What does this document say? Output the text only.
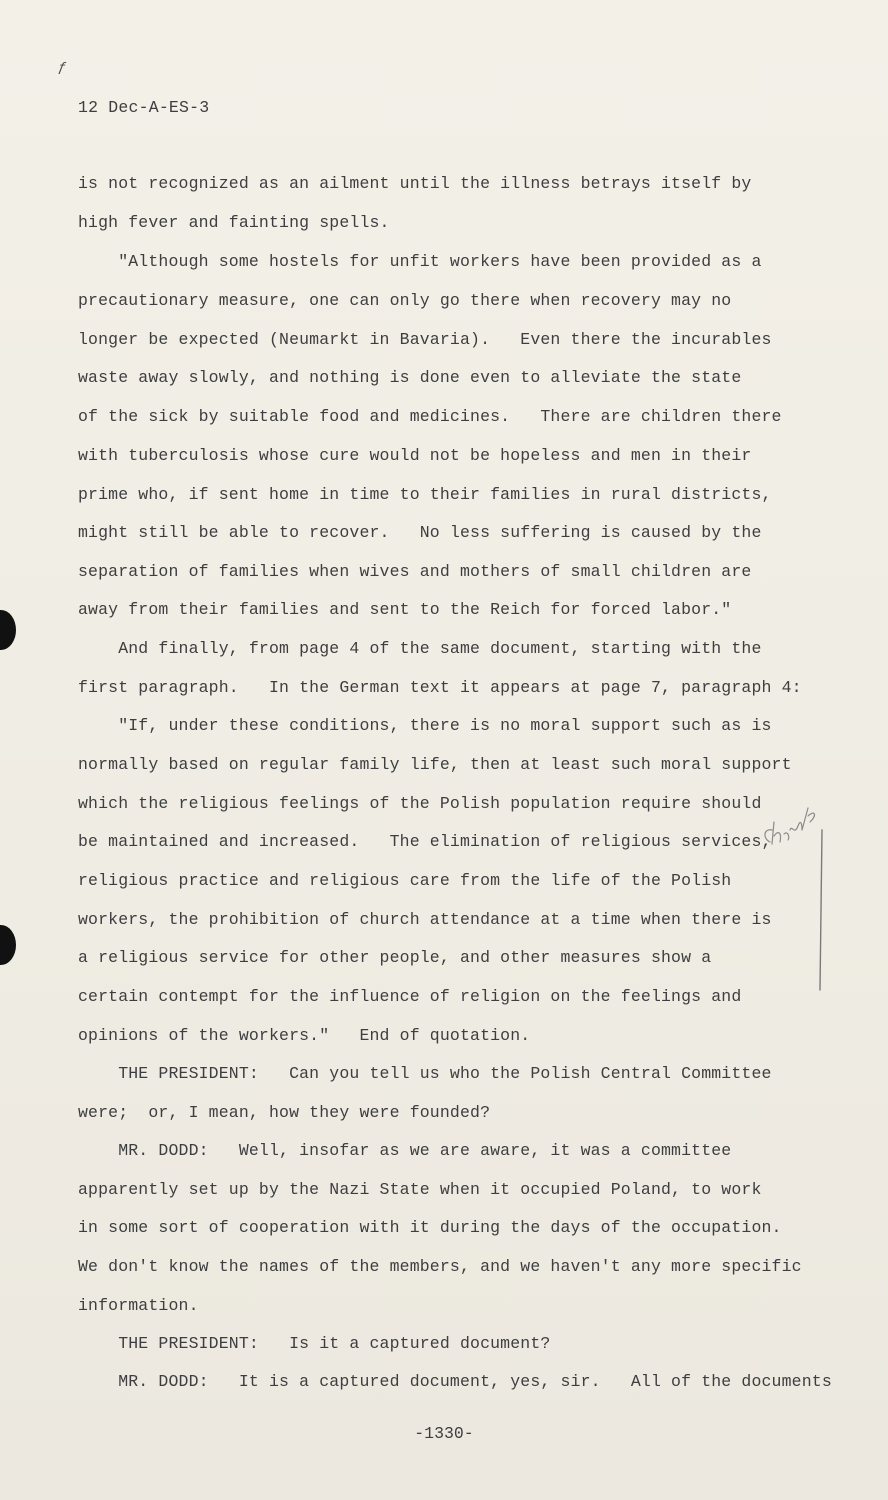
ƒ
12 Dec-A-ES-3
is not recognized as an ailment until the illness betrays itself by
high fever and fainting spells.
"Although some hostels for unfit workers have been provided as a
precautionary measure, one can only go there when recovery may no
longer be expected (Neumarkt in Bavaria).   Even there the incurables
waste away slowly, and nothing is done even to alleviate the state
of the sick by suitable food and medicines.   There are children there
with tuberculosis whose cure would not be hopeless and men in their
prime who, if sent home in time to their families in rural districts,
might still be able to recover.   No less suffering is caused by the
separation of families when wives and mothers of small children are
away from their families and sent to the Reich for forced labor."
And finally, from page 4 of the same document, starting with the
first paragraph.   In the German text it appears at page 7, paragraph 4:
"If, under these conditions, there is no moral support such as is
normally based on regular family life, then at least such moral support
which the religious feelings of the Polish population require should
be maintained and increased.   The elimination of religious services,
religious practice and religious care from the life of the Polish
workers, the prohibition of church attendance at a time when there is
a religious service for other people, and other measures show a
certain contempt for the influence of religion on the feelings and
opinions of the workers."   End of quotation.
THE PRESIDENT:   Can you tell us who the Polish Central Committee
were;  or, I mean, how they were founded?
MR. DODD:   Well, insofar as we are aware, it was a committee
apparently set up by the Nazi State when it occupied Poland, to work
in some sort of cooperation with it during the days of the occupation.
We don't know the names of the members, and we haven't any more specific
information.
THE PRESIDENT:   Is it a captured document?
MR. DODD:   It is a captured document, yes, sir.   All of the documents
-1330-
